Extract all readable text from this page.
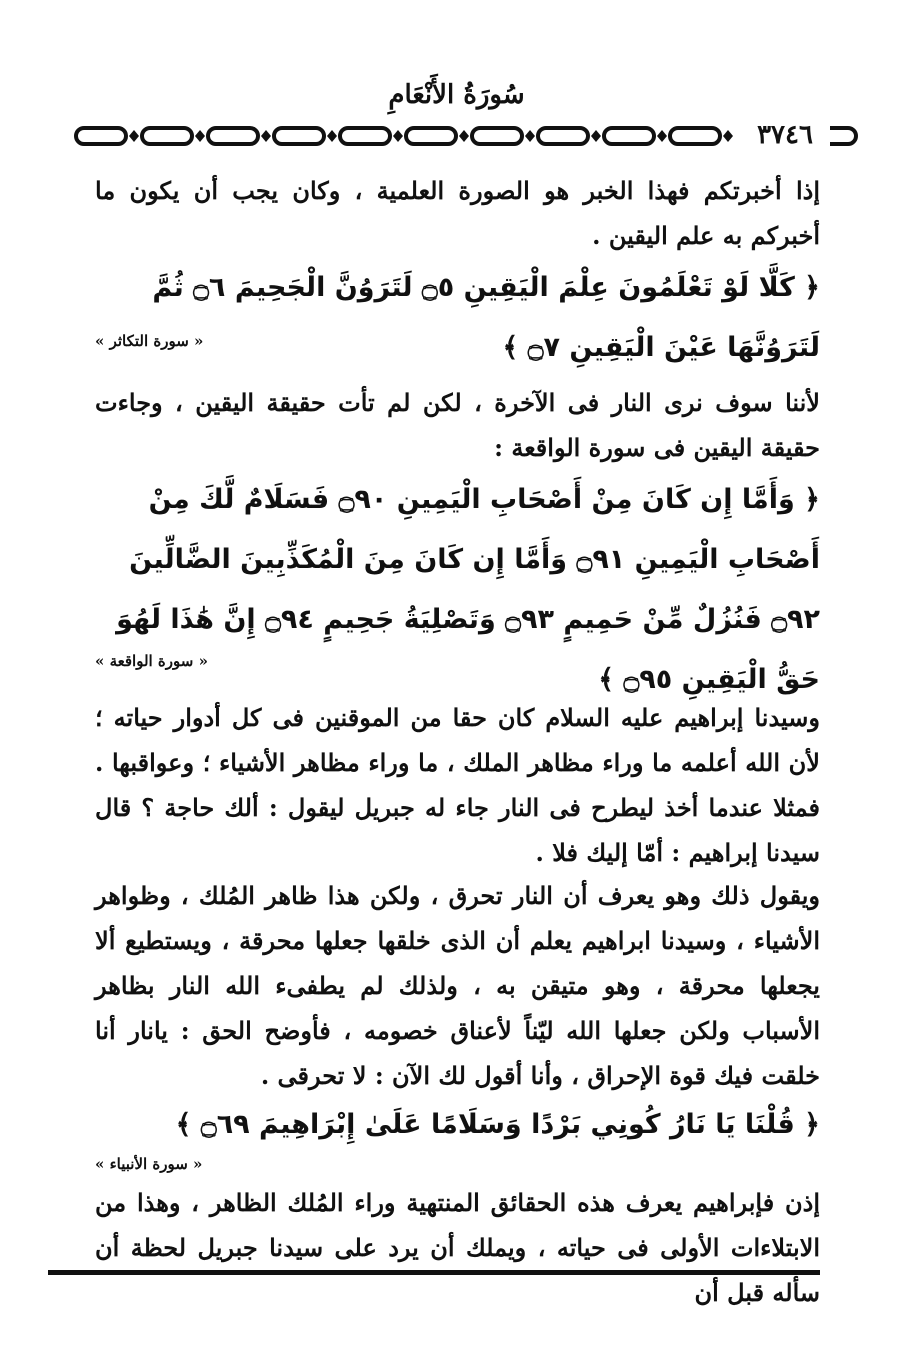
سُورَةُ الأَنْعَامِ
٣٧٤٦
إذا أخبرتكم فهذا الخبر هو الصورة العلمية ، وكان يجب أن يكون ما أخبركم به علم اليقين .
﴿ كَلَّا لَوْ تَعْلَمُونَ عِلْمَ الْيَقِينِ ۝٥ لَتَرَوُنَّ الْجَحِيمَ ۝٦ ثُمَّ لَتَرَوُنَّهَا عَيْنَ الْيَقِينِ ۝٧ ﴾
« سورة التكاثر »
لأننا سوف نرى النار فى الآخرة ، لكن لم تأت حقيقة اليقين ، وجاءت حقيقة اليقين فى سورة الواقعة :
﴿ وَأَمَّا إِن كَانَ مِنْ أَصْحَابِ الْيَمِينِ ۝٩٠ فَسَلَامٌ لَّكَ مِنْ أَصْحَابِ الْيَمِينِ ۝٩١ وَأَمَّا إِن كَانَ مِنَ الْمُكَذِّبِينَ الضَّالِّينَ ۝٩٢ فَنُزُلٌ مِّنْ حَمِيمٍ ۝٩٣ وَتَصْلِيَةُ جَحِيمٍ ۝٩٤ إِنَّ هَٰذَا لَهُوَ حَقُّ الْيَقِينِ ۝٩٥ ﴾
« سورة الواقعة »
وسيدنا إبراهيم عليه السلام كان حقا من الموقنين فى كل أدوار حياته ؛ لأن الله أعلمه ما وراء مظاهر الملك ، ما وراء مظاهر الأشياء ؛ وعواقبها . فمثلا عندما أخذ ليطرح فى النار جاء له جبريل ليقول : ألك حاجة ؟ قال سيدنا إبراهيم : أمّا إليك فلا .
ويقول ذلك وهو يعرف أن النار تحرق ، ولكن هذا ظاهر المُلك ، وظواهر الأشياء ، وسيدنا ابراهيم يعلم أن الذى خلقها جعلها محرقة ، ويستطيع ألا يجعلها محرقة ، وهو متيقن به ، ولذلك لم يطفىء الله النار بظاهر الأسباب ولكن جعلها الله ليّناً لأعناق خصومه ، فأوضح الحق : يانار أنا خلقت فيك قوة الإحراق ، وأنا أقول لك الآن : لا تحرقى .
﴿ قُلْنَا يَا نَارُ كُونِي بَرْدًا وَسَلَامًا عَلَىٰ إِبْرَاهِيمَ ۝٦٩ ﴾
« سورة الأنبياء »
إذن فإبراهيم يعرف هذه الحقائق المنتهية وراء المُلك الظاهر ، وهذا من الابتلاءات الأولى فى حياته ، ويملك أن يرد على سيدنا جبريل لحظة أن سأله قبل أن
